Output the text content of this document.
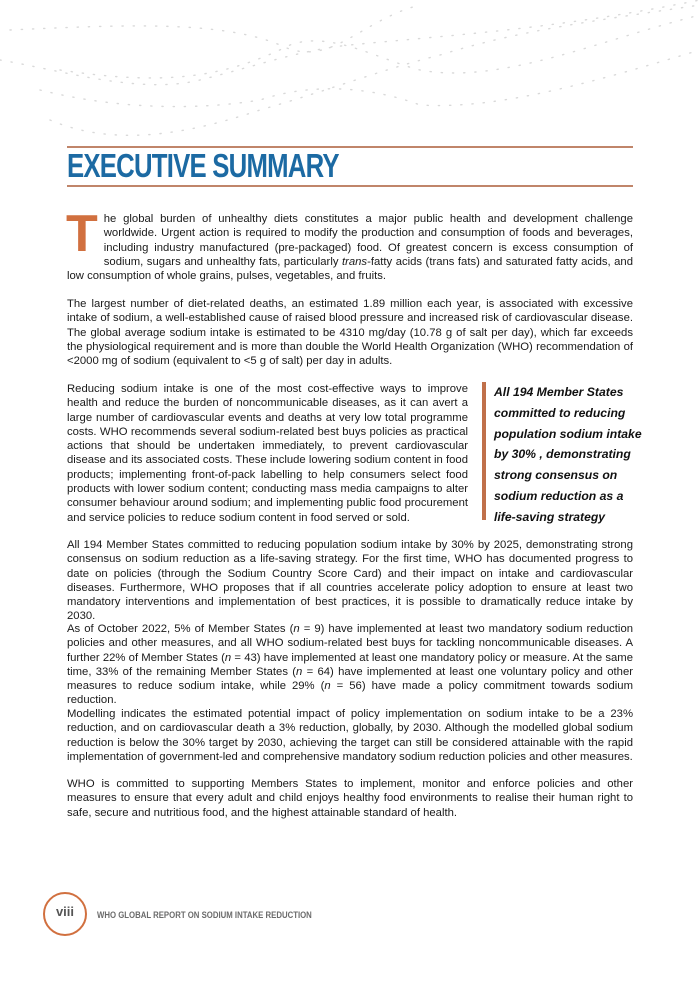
EXECUTIVE SUMMARY

The global burden of unhealthy diets constitutes a major public health and development challenge worldwide. Urgent action is required to modify the production and consumption of foods and beverages, including industry manufactured (pre-packaged) food. Of greatest concern is excess consumption of sodium, sugars and unhealthy fats, particularly trans-fatty acids (trans fats) and saturated fatty acids, and low consumption of whole grains, pulses, vegetables, and fruits.

The largest number of diet-related deaths, an estimated 1.89 million each year, is associated with excessive intake of sodium, a well-established cause of raised blood pressure and increased risk of cardiovascular disease. The global average sodium intake is estimated to be 4310 mg/day (10.78 g of salt per day), which far exceeds the physiological requirement and is more than double the World Health Organization (WHO) recommendation of <2000 mg of sodium (equivalent to <5 g of salt) per day in adults.

Reducing sodium intake is one of the most cost-effective ways to improve health and reduce the burden of noncommunicable diseases, as it can avert a large number of cardiovascular events and deaths at very low total programme costs. WHO recommends several sodium-related best buys policies as practical actions that should be undertaken immediately, to prevent cardiovascular disease and its associated costs. These include lowering sodium content in food products; implementing front-of-pack labelling to help consumers select food products with lower sodium content; conducting mass media campaigns to alter consumer behaviour around sodium; and implementing public food procurement and service policies to reduce sodium content in food served or sold.

All 194 Member States

committed to reducing

population sodium intake

by 30% , demonstrating

strong consensus on

sodium reduction as a

life-saving strategy

All 194 Member States committed to reducing population sodium intake by 30% by 2025, demonstrating strong consensus on sodium reduction as a life-saving strategy. For the first time, WHO has documented progress to date on policies (through the Sodium Country Score Card) and their impact on intake and cardiovascular diseases. Furthermore, WHO proposes that if all countries accelerate policy adoption to ensure at least two mandatory interventions and implementation of best practices, it is possible to dramatically reduce intake by 2030.

As of October 2022, 5% of Member States (n = 9) have implemented at least two mandatory sodium reduction policies and other measures, and all WHO sodium-related best buys for tackling noncommunicable diseases. A further 22% of Member States (n = 43) have implemented at least one mandatory policy or measure. At the same time, 33% of the remaining Member States (n = 64) have implemented at least one voluntary policy and other measures to reduce sodium intake, while 29% (n = 56) have made a policy commitment towards sodium reduction.

Modelling indicates the estimated potential impact of policy implementation on sodium intake to be a 23% reduction, and on cardiovascular death a 3% reduction, globally, by 2030. Although the modelled global sodium reduction is below the 30% target by 2030, achieving the target can still be considered attainable with the rapid implementation of government-led and comprehensive mandatory sodium reduction policies and other measures.

WHO is committed to supporting Members States to implement, monitor and enforce policies and other measures to ensure that every adult and child enjoys healthy food environments to realise their human right to safe, secure and nutritious food, and the highest attainable standard of health.

viii WHO GLOBAL REPORT ON SODIUM INTAKE REDUCTION
